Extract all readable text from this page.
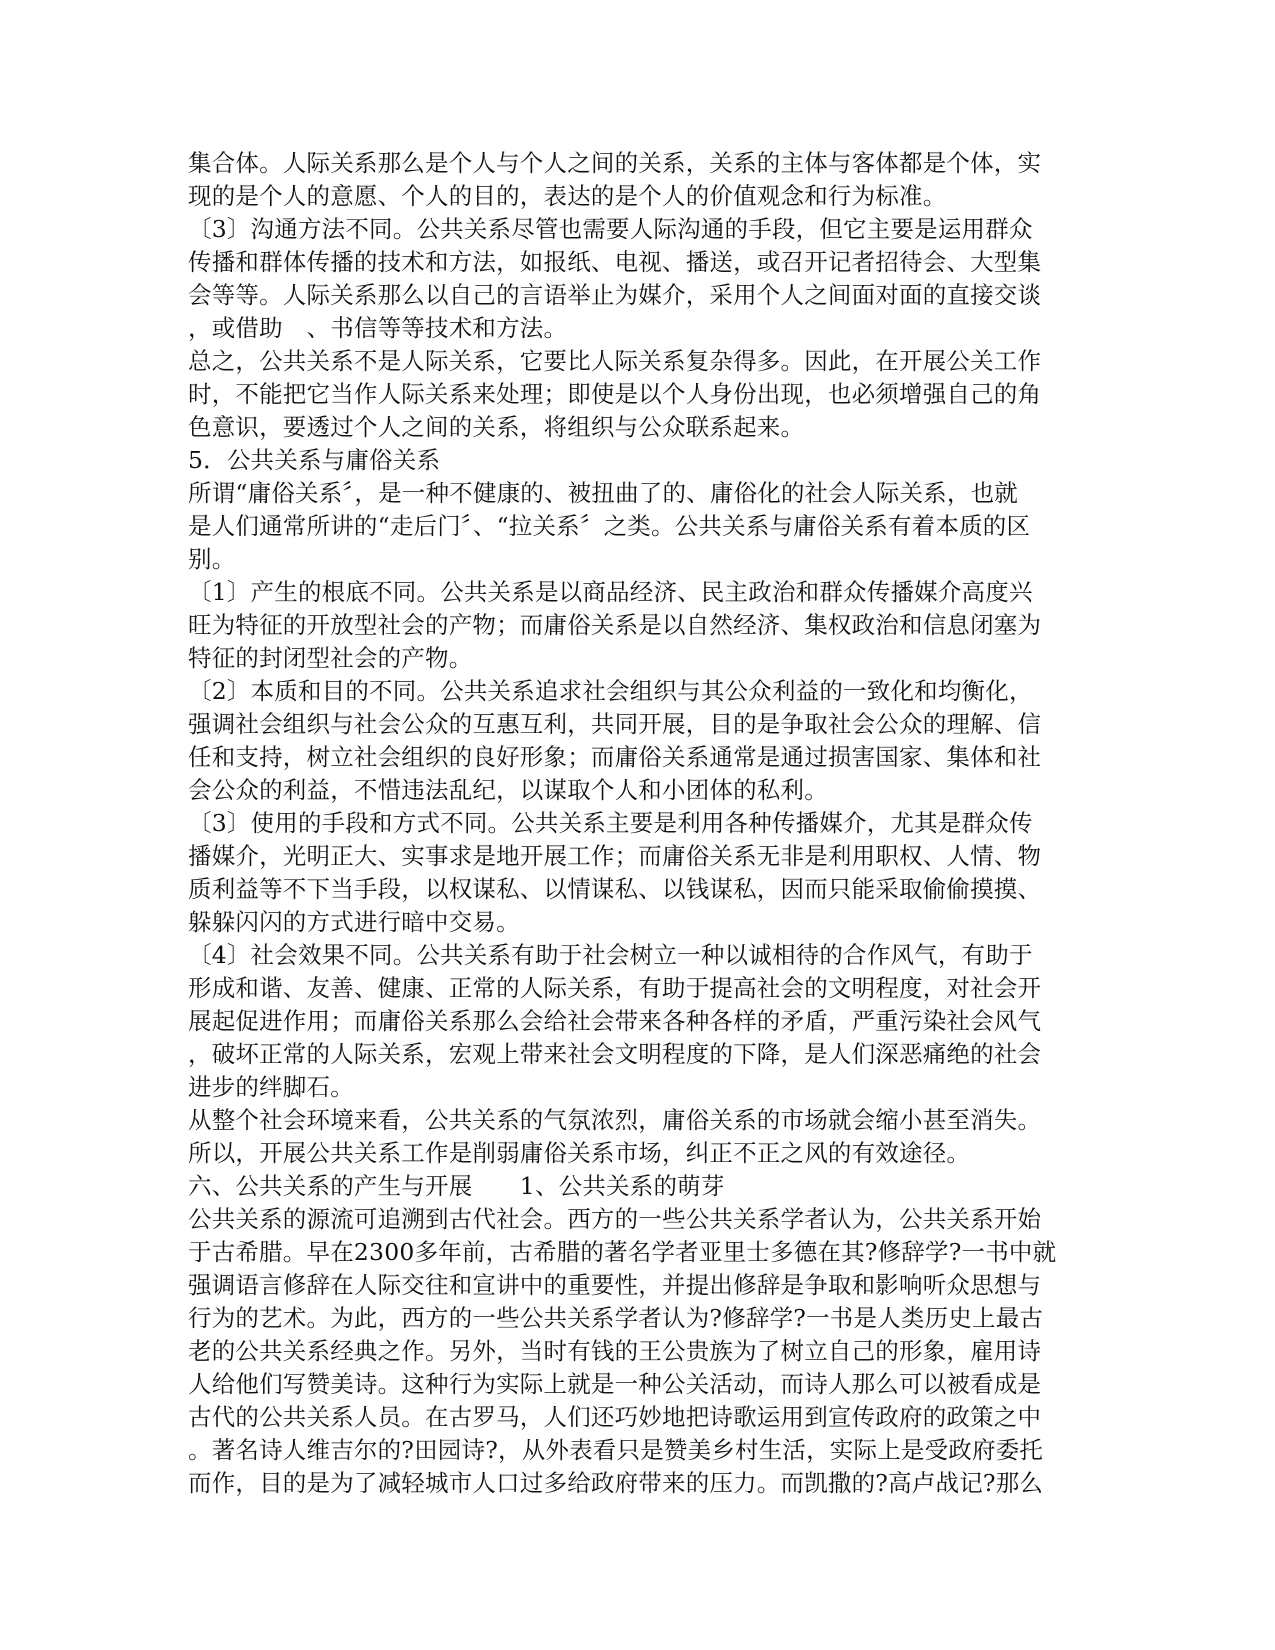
集合体。人际关系那么是个人与个人之间的关系，关系的主体与客体都是个体，实
现的是个人的意愿、个人的目的，表达的是个人的价值观念和行为标准。
〔3〕沟通方法不同。公共关系尽管也需要人际沟通的手段，但它主要是运用群众
传播和群体传播的技术和方法，如报纸、电视、播送，或召开记者招待会、大型集
会等等。人际关系那么以自己的言语举止为媒介，采用个人之间面对面的直接交谈
，或借助　、书信等等技术和方法。
总之，公共关系不是人际关系，它要比人际关系复杂得多。因此，在开展公关工作
时，不能把它当作人际关系来处理；即使是以个人身份出现，也必须增强自己的角
色意识，要透过个人之间的关系，将组织与公众联系起来。
5．公共关系与庸俗关系
所谓“庸俗关系〞，是一种不健康的、被扭曲了的、庸俗化的社会人际关系，也就
是人们通常所讲的“走后门〞、“拉关系〞之类。公共关系与庸俗关系有着本质的区
别。
〔1〕产生的根底不同。公共关系是以商品经济、民主政治和群众传播媒介高度兴
旺为特征的开放型社会的产物；而庸俗关系是以自然经济、集权政治和信息闭塞为
特征的封闭型社会的产物。
〔2〕本质和目的不同。公共关系追求社会组织与其公众利益的一致化和均衡化，
强调社会组织与社会公众的互惠互利，共同开展，目的是争取社会公众的理解、信
任和支持，树立社会组织的良好形象；而庸俗关系通常是通过损害国家、集体和社
会公众的利益，不惜违法乱纪，以谋取个人和小团体的私利。
〔3〕使用的手段和方式不同。公共关系主要是利用各种传播媒介，尤其是群众传
播媒介，光明正大、实事求是地开展工作；而庸俗关系无非是利用职权、人情、物
质利益等不下当手段，以权谋私、以情谋私、以钱谋私，因而只能采取偷偷摸摸、
躲躲闪闪的方式进行暗中交易。
〔4〕社会效果不同。公共关系有助于社会树立一种以诚相待的合作风气，有助于
形成和谐、友善、健康、正常的人际关系，有助于提高社会的文明程度，对社会开
展起促进作用；而庸俗关系那么会给社会带来各种各样的矛盾，严重污染社会风气
，破坏正常的人际关系，宏观上带来社会文明程度的下降，是人们深恶痛绝的社会
进步的绊脚石。
从整个社会环境来看，公共关系的气氛浓烈，庸俗关系的市场就会缩小甚至消失。
所以，开展公共关系工作是削弱庸俗关系市场，纠正不正之风的有效途径。
六、公共关系的产生与开展　　1、公共关系的萌芽
公共关系的源流可追溯到古代社会。西方的一些公共关系学者认为，公共关系开始
于古希腊。早在2300多年前，古希腊的著名学者亚里士多德在其?修辞学?一书中就
强调语言修辞在人际交往和宣讲中的重要性，并提出修辞是争取和影响听众思想与
行为的艺术。为此，西方的一些公共关系学者认为?修辞学?一书是人类历史上最古
老的公共关系经典之作。另外，当时有钱的王公贵族为了树立自己的形象，雇用诗
人给他们写赞美诗。这种行为实际上就是一种公关活动，而诗人那么可以被看成是
古代的公共关系人员。在古罗马，人们还巧妙地把诗歌运用到宣传政府的政策之中
。著名诗人维吉尔的?田园诗?，从外表看只是赞美乡村生活，实际上是受政府委托
而作，目的是为了减轻城市人口过多给政府带来的压力。而凯撒的?高卢战记?那么
